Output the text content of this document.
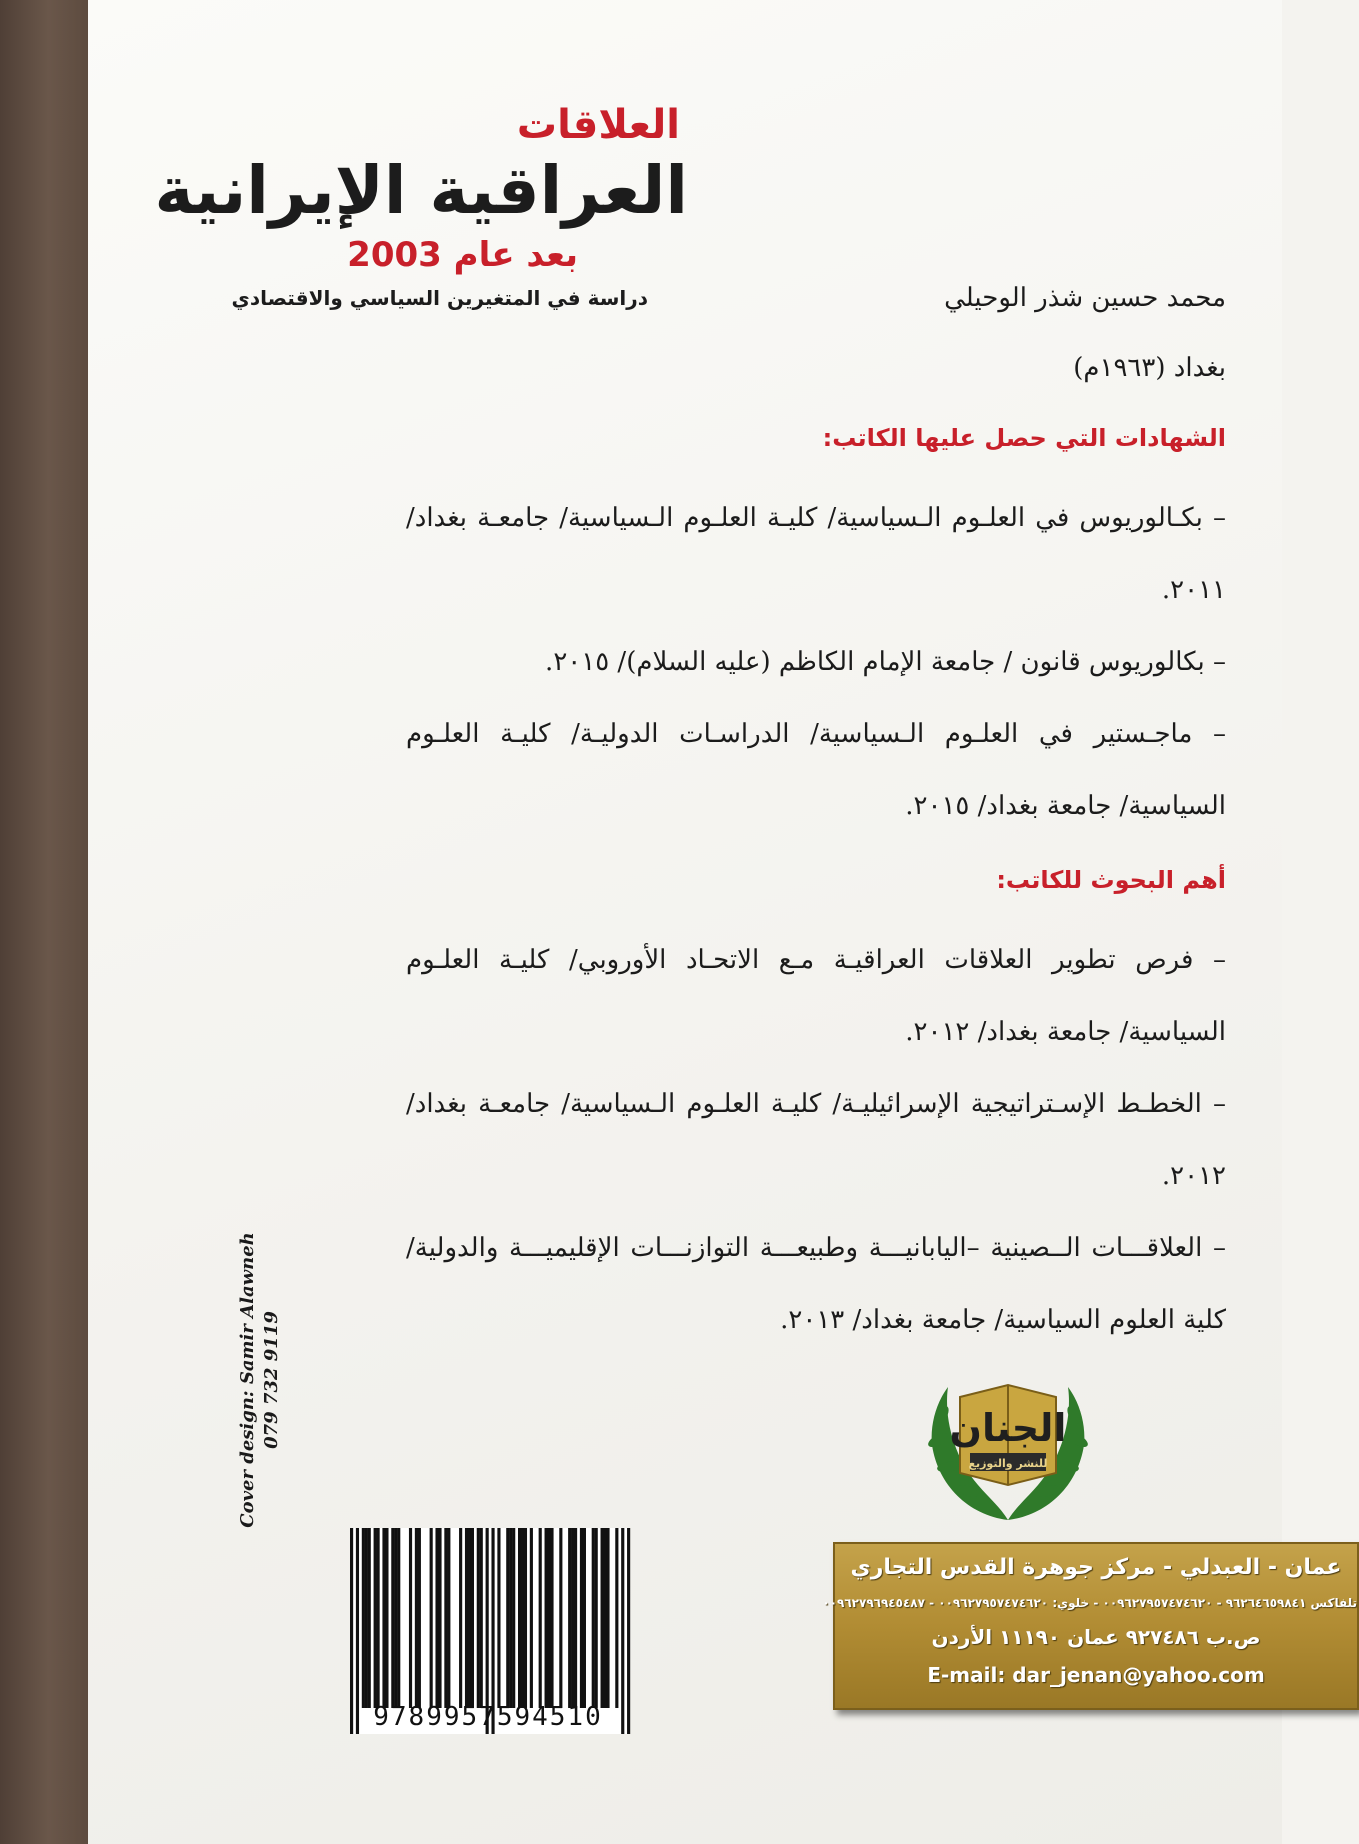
العلاقات
العراقية الإيرانية
بعد عام 2003
دراسة في المتغيرين السياسي والاقتصادي	محمد حسين شذر الوحيلي

بغداد (١٩٦٣م)

الشهادات التي حصل عليها الكاتب:

– بكـالوريوس في العلـوم الـسياسية/ كليـة العلـوم الـسياسية/ جامعـة بغداد/ ٢٠١١.

– بكالوريوس قانون / جامعة الإمام الكاظم (عليه السلام)/ ٢٠١٥.

– ماجـستير في العلـوم الـسياسية/ الدراسـات الدوليـة/ كليـة العلـوم السياسية/ جامعة بغداد/ ٢٠١٥.

أهم البحوث للكاتب:

– فرص تطوير العلاقات العراقيـة مـع الاتحـاد الأوروبي/ كليـة العلـوم السياسية/ جامعة بغداد/ ٢٠١٢.

– الخطـط الإسـتراتيجية الإسرائيليـة/ كليـة العلـوم الـسياسية/ جامعـة بغداد/ ٢٠١٢.

– العلاقـــات الــصينية –اليابانيـــة وطبيعـــة التوازنـــات الإقليميـــة والدولية/ كلية العلوم السياسية/ جامعة بغداد/ ٢٠١٣.

الجنان
للنشر والتوزيع
عمان - العبدلي - مركز جوهرة القدس التجاري
تلفاكس ٩٦٢٦٤٦٥٩٨٤١ - ٠٠٩٦٢٧٩٥٧٤٧٤٦٢٠ - خلوي: ٠٠٩٦٢٧٩٥٧٤٧٤٦٢٠ - ٠٠٩٦٢٧٩٦٩٤٥٤٨٧
ص.ب ٩٢٧٤٨٦ عمان ١١١٩٠ الأردن
E-mail: dar_jenan@yahoo.com
9789957594510
Cover design: Samir Alawneh 079 732 9119
